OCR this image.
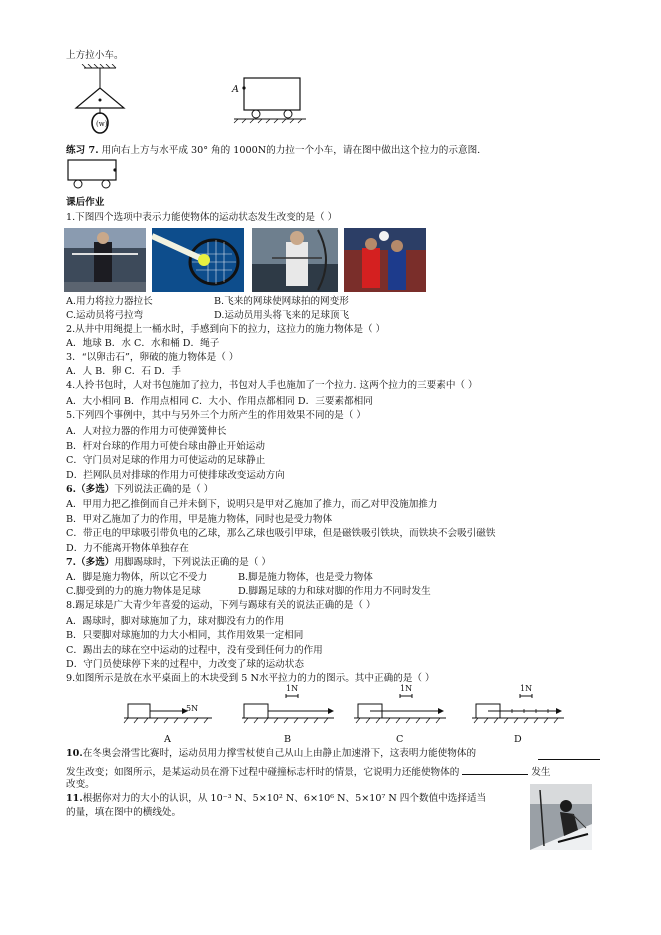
上方拉小车。
(w)
A
练习 7. 用向右上方与水平成 30° 角的 1000N的力拉一个小车，请在图中做出这个拉力的示意图.
课后作业
1.下图四个选项中表示力能使物体的运动状态发生改变的是（ ）
A.用力将拉力器拉长	B.飞来的网球使网球拍的网变形
C.运动员将弓拉弯	D.运动员用头将飞来的足球顶飞
2.从井中用绳提上一桶水时，手感到向下的拉力，这拉力的施力物体是（ ）
A．地球 B．水 C．水和桶 D．绳子
3．“以卵击石”，卵破的施力物体是（ ）
A．人 B．卵 C．石 D．手
4.人拎书包时，人对书包施加了拉力，书包对人手也施加了一个拉力. 这两个拉力的三要素中（ ）
A．大小相同 B．作用点相同 C．大小、作用点都相同 D．三要素都相同
5.下列四个事例中，其中与另外三个力所产生的作用效果不同的是（ ）
A．人对拉力器的作用力可使弹簧伸长
B．杆对台球的作用力可使台球由静止开始运动
C．守门员对足球的作用力可使运动的足球静止
D．拦网队员对排球的作用力可使排球改变运动方向
6.（多选）下列说法正确的是（ ）
A．甲用力把乙推倒而自己并未倒下，说明只是甲对乙施加了推力，而乙对甲没施加推力
B．甲对乙施加了力的作用，甲是施力物体，同时也是受力物体
C．带正电的甲球吸引带负电的乙球，那么乙球也吸引甲球，但是磁铁吸引铁块，而铁块不会吸引磁铁
D．力不能离开物体单独存在
7.（多选）用脚踢球时，下列说法正确的是（ ）
A．脚是施力物体，所以它不受力	B.脚是施力物体，也是受力物体
C.脚受到的力的施力物体是足球	D.脚踢足球的力和球对脚的作用力不同时发生
8.踢足球是广大青少年喜爱的运动，下列与踢球有关的说法正确的是（ ）
A．踢球时，脚对球施加了力，球对脚没有力的作用
B．只要脚对球施加的力大小相同，其作用效果一定相同
C．踢出去的球在空中运动的过程中，没有受到任何力的作用
D．守门员使球停下来的过程中，力改变了球的运动状态
9.如图所示是放在水平桌面上的木块受到 5 N水平拉力的力的图示。其中正确的是（ ）
5N
A
1N
B
1N
C
1N
D
10.在冬奥会滑雪比赛时，运动员用力撑雪杖使自己从山上由静止加速滑下，这表明力能使物体的
发生改变；如图所示，是某运动员在滑下过程中碰撞标志杆时的情景，它说明力还能使物体的	发生
改变。
11.根据你对力的大小的认识，从 10⁻³ N、5×10² N、6×10⁶ N、5×10⁷ N 四个数值中选择适当
的量，填在图中的横线处。
